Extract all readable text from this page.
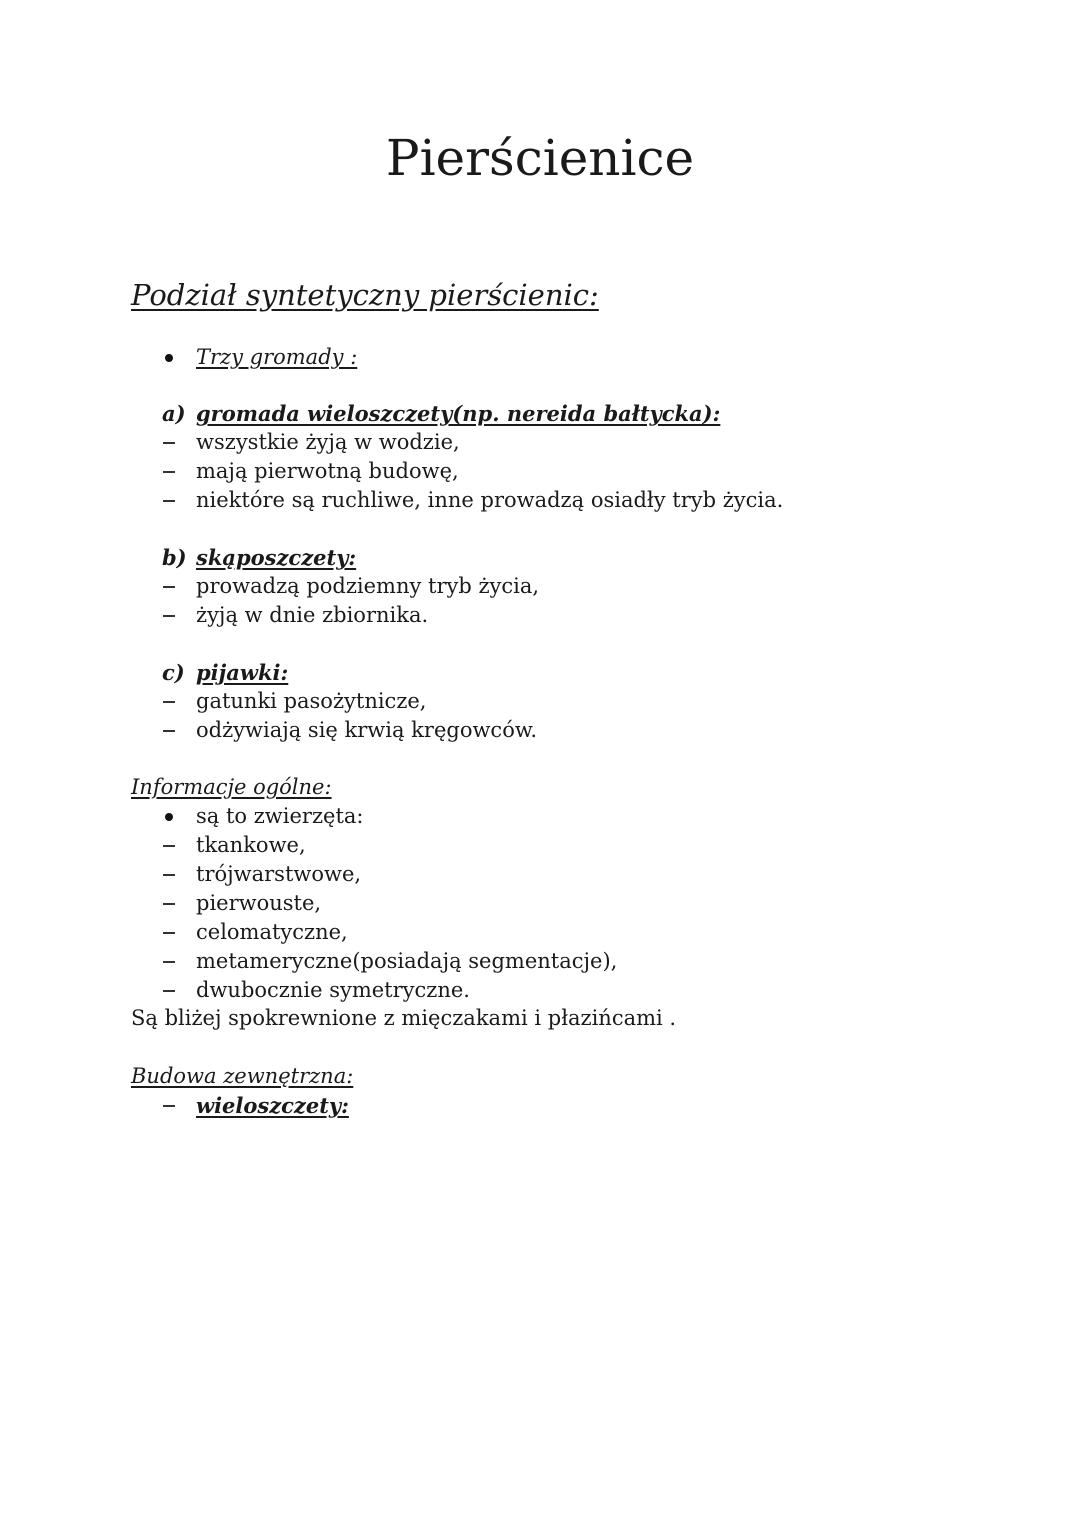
Pierścienice
Podział syntetyczny pierścienic:
Trzy gromady :
a) gromada wieloszczety(np. nereida bałtycka):
wszystkie żyją w wodzie,
mają pierwotną budowę,
niektóre są ruchliwe, inne prowadzą osiadły tryb życia.
b) skąposzczety:
prowadzą podziemny tryb życia,
żyją w dnie zbiornika.
c) pijawki:
gatunki pasożytnicze,
odżywiają się krwią kręgowców.
Informacje ogólne:
są to zwierzęta:
tkankowe,
trójwarstwowe,
pierwouste,
celomatyczne,
metameryczne(posiadają segmentacje),
dwubocznie symetryczne.
Są bliżej spokrewnione z mięczakami i płazińcami .
Budowa zewnętrzna:
wieloszczety:
